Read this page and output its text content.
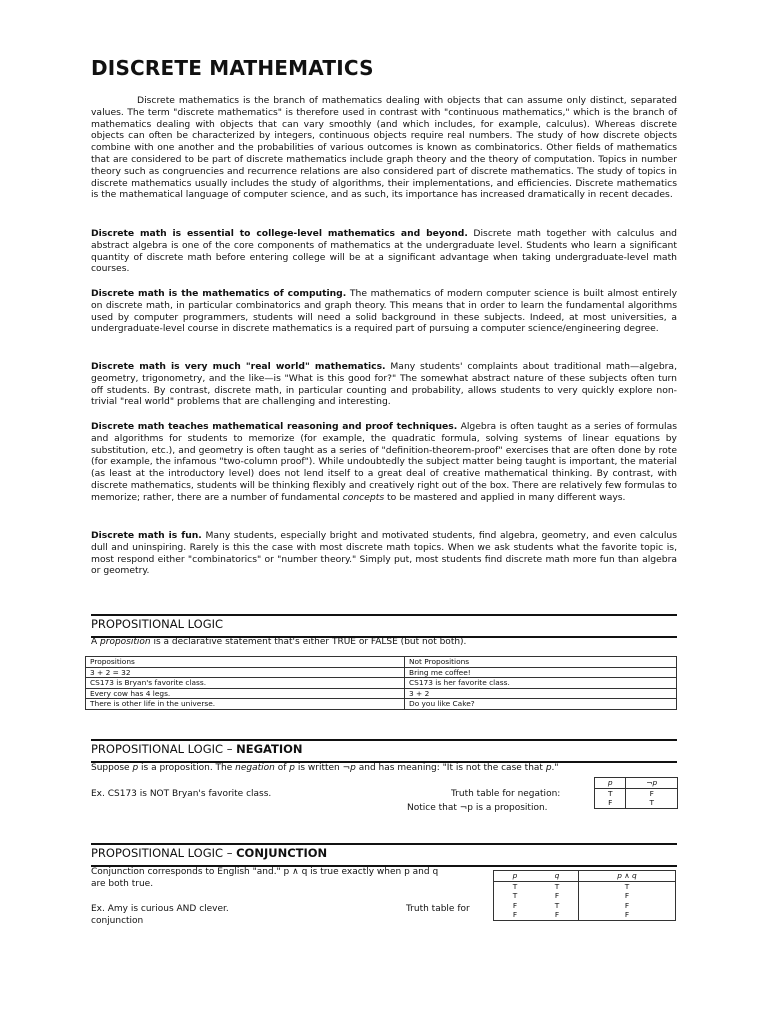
DISCRETE MATHEMATICS

Discrete mathematics is the branch of mathematics dealing with objects that can assume only distinct, separated values. The term "discrete mathematics" is therefore used in contrast with "continuous mathematics," which is the branch of mathematics dealing with objects that can vary smoothly (and which includes, for example, calculus). Whereas discrete objects can often be characterized by integers, continuous objects require real numbers. The study of how discrete objects combine with one another and the probabilities of various outcomes is known as combinatorics. Other fields of mathematics that are considered to be part of discrete mathematics include graph theory and the theory of computation. Topics in number theory such as congruencies and recurrence relations are also considered part of discrete mathematics. The study of topics in discrete mathematics usually includes the study of algorithms, their implementations, and efficiencies. Discrete mathematics is the mathematical language of computer science, and as such, its importance has increased dramatically in recent decades.

Discrete math is essential to college-level mathematics and beyond. Discrete math together with calculus and abstract algebra is one of the core components of mathematics at the undergraduate level. Students who learn a significant quantity of discrete math before entering college will be at a significant advantage when taking undergraduate-level math courses.

Discrete math is the mathematics of computing. The mathematics of modern computer science is built almost entirely on discrete math, in particular combinatorics and graph theory. This means that in order to learn the fundamental algorithms used by computer programmers, students will need a solid background in these subjects. Indeed, at most universities, a undergraduate-level course in discrete mathematics is a required part of pursuing a computer science/engineering degree.

Discrete math is very much "real world" mathematics. Many students' complaints about traditional math—algebra, geometry, trigonometry, and the like—is "What is this good for?" The somewhat abstract nature of these subjects often turn off students. By contrast, discrete math, in particular counting and probability, allows students to very quickly explore non-trivial "real world" problems that are challenging and interesting.

Discrete math teaches mathematical reasoning and proof techniques. Algebra is often taught as a series of formulas and algorithms for students to memorize (for example, the quadratic formula, solving systems of linear equations by substitution, etc.), and geometry is often taught as a series of "definition-theorem-proof" exercises that are often done by rote (for example, the infamous "two-column proof"). While undoubtedly the subject matter being taught is important, the material (as least at the introductory level) does not lend itself to a great deal of creative mathematical thinking. By contrast, with discrete mathematics, students will be thinking flexibly and creatively right out of the box. There are relatively few formulas to memorize; rather, there are a number of fundamental concepts to be mastered and applied in many different ways.

Discrete math is fun. Many students, especially bright and motivated students, find algebra, geometry, and even calculus dull and uninspiring. Rarely is this the case with most discrete math topics. When we ask students what the favorite topic is, most respond either "combinatorics" or "number theory." Simply put, most students find discrete math more fun than algebra or geometry.

PROPOSITIONAL LOGIC
A proposition is a declarative statement that's either TRUE or FALSE (but not both).
Propositions	Not Propositions
3 + 2 = 32	Bring me coffee!
CS173 is Bryan's favorite class.	CS173 is her favorite class.
Every cow has 4 legs.	3 + 2
There is other life in the universe.	Do you like Cake?
PROPOSITIONAL LOGIC – NEGATION
Suppose p is a proposition. The negation of p is written ¬p and has meaning: "It is not the case that p."
Ex. CS173 is NOT Bryan's favorite class.	Truth table for negation:
Notice that ¬p is a proposition.
p	¬p
T	F
F	T
PROPOSITIONAL LOGIC – CONJUNCTION
Conjunction corresponds to English "and." p ∧ q is true exactly when p and q
are both true.
Ex. Amy is curious AND clever.	Truth table for
conjunction
p	q	p ∧ q
T	T	T
T	F	F
F	T	F
F	F	F
